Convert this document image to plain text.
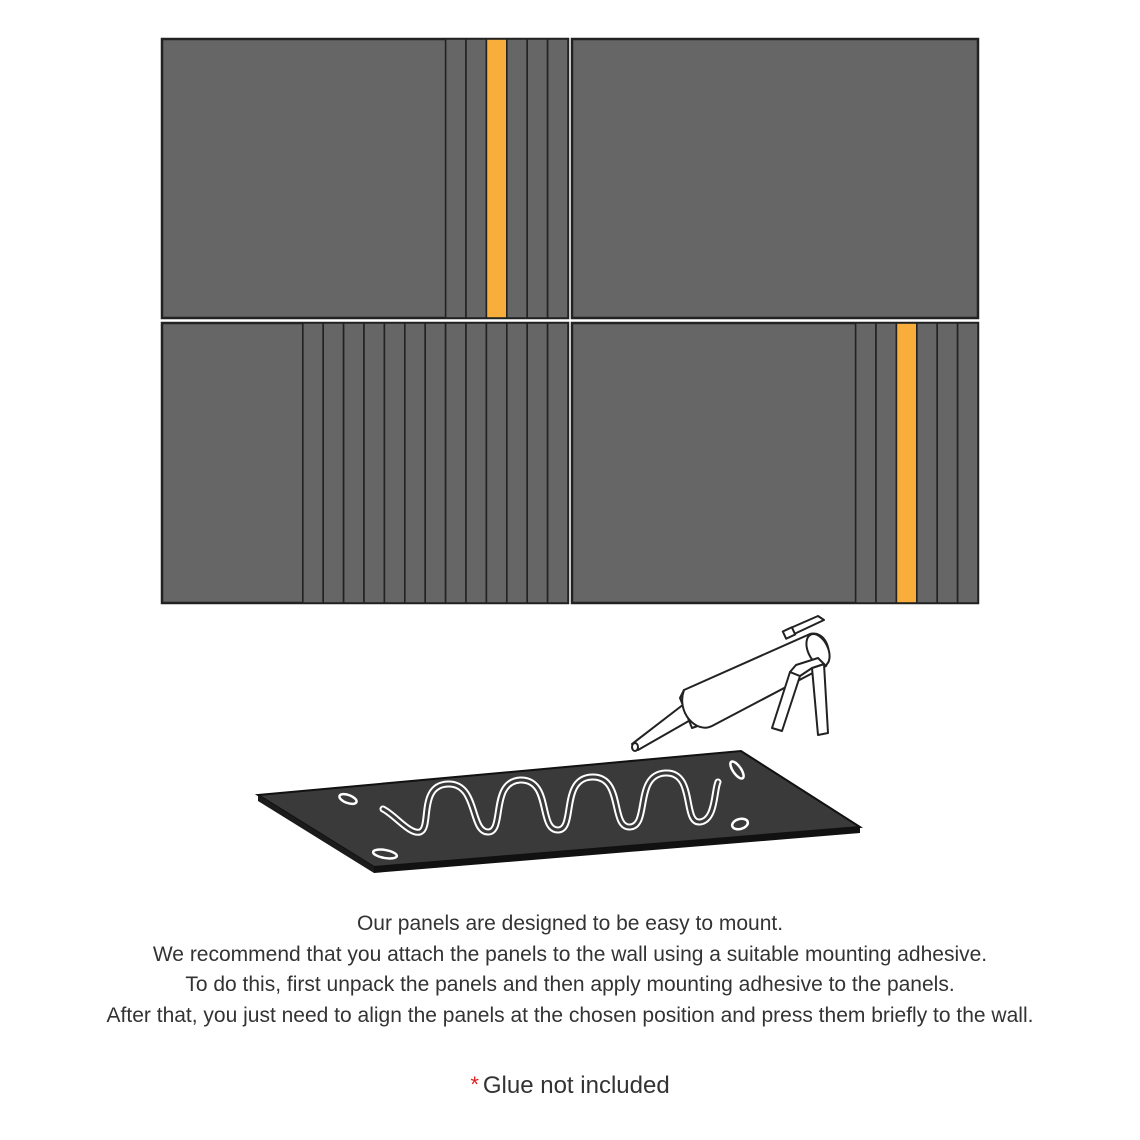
Our panels are designed to be easy to mount.
We recommend that you attach the panels to the wall using a suitable mounting adhesive.
To do this, first unpack the panels and then apply mounting adhesive to the panels.
After that, you just need to align the panels at the chosen position and press them briefly to the wall.
* Glue not included
